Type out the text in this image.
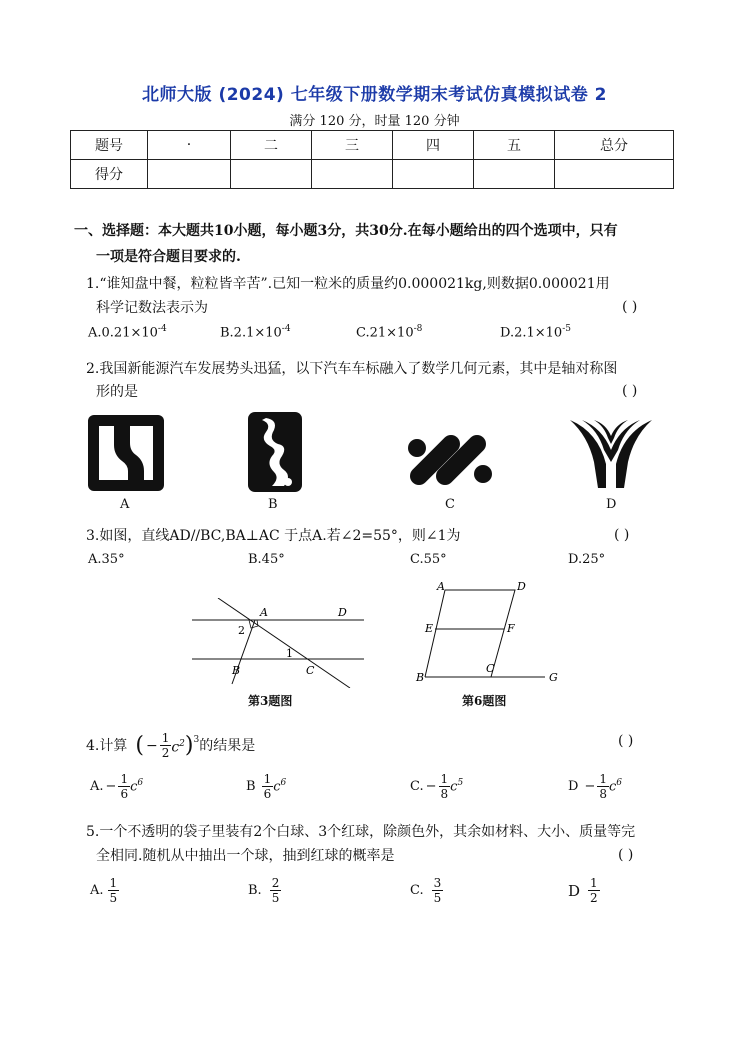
北师大版 (2024) 七年级下册数学期末考试仿真模拟试卷 2
满分 120 分，时量 120 分钟
题号	·	二	三	四	五	总分
得分						
一、选择题：本大题共10小题，每小题3分，共30分.在每小题给出的四个选项中，只有
一项是符合题目要求的.
1.“谁知盘中餐，粒粒皆辛苦”.已知一粒米的质量约0.000021kg,则数据0.000021用
科学记数法表示为	( )
$A.0.21\times 10^{-4}$	$B.2.1\times 10^{-4}$	$C.21\times 10^{-8}$	$D.2.1\times 10^{-5}$
2.我国新能源汽车发展势头迅猛，以下汽车车标融入了数学几何元素，其中是轴对称图
形的是	( )
A	B	C	D
3.如图，直线AD//BC,BA⊥AC 于点A.若∠2=55°，则∠1为	( )
A.35°	B.45°	C.55°	D.25°
A	D
B	C
1
2
第3题图
A	D
E	F
B
C
G
第6题图
4.计算 ( − $\frac{1}{2} c^2$ )$^3$ 的结果是	( )
A. − $\frac{1}{6} c^6$	B $\frac{1}{6} c^6$	C. − $\frac{1}{8} c^5$	$D - \frac{1}{8} c^6$
5.一个不透明的袋子里装有2个白球、3个红球，除颜色外，其余如材料、大小、质量等完
全相同.随机从中抽出一个球，抽到红球的概率是	( )
A. $\frac{1}{5}$	B. $\frac{2}{5}$	C. $\frac{3}{5}$	D $\frac{1}{2}$
